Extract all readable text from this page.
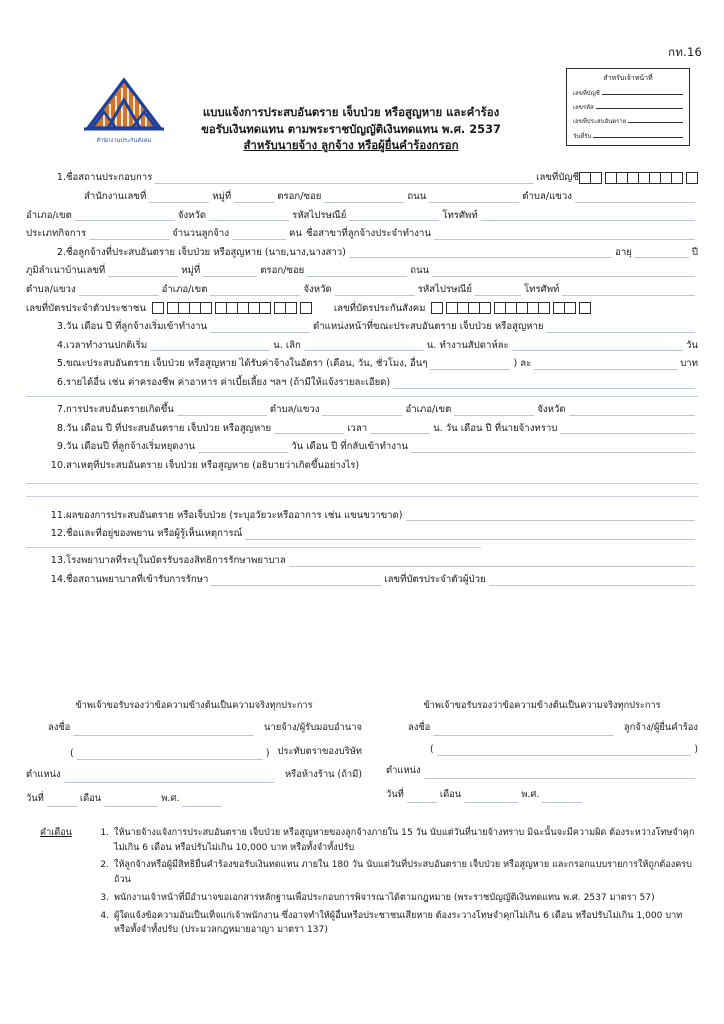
กท.16
สำนักงานประกันสังคม
แบบแจ้งการประสบอันตราย เจ็บป่วย หรือสูญหาย และคำร้อง
ขอรับเงินทดแทน ตามพระราชบัญญัติเงินทดแทน พ.ศ. 2537
สำหรับนายจ้าง ลูกจ้าง หรือผู้ยื่นคำร้องกรอก
สำหรับเจ้าหน้าที่
เลขที่บัญชี
เลขรหัส
เลขที่ประสบอันตราย
วันที่รับ
1. ชื่อสถานประกอบการ	เลขที่บัญชี
สำนักงานเลขที่	หมู่ที่	ตรอก/ซอย	ถนน	ตำบล/แขวง
อำเภอ/เขต	จังหวัด	รหัสไปรษณีย์	โทรศัพท์
ประเภทกิจการ	จำนวนลูกจ้าง	คน ชื่อสาขาที่ลูกจ้างประจำทำงาน
2. ชื่อลูกจ้างที่ประสบอันตราย เจ็บป่วย หรือสูญหาย (นาย,นาง,นางสาว)	อายุ	ปี
ภูมิลำเนาบ้านเลขที่	หมู่ที่	ตรอก/ซอย	ถนน
ตำบล/แขวง	อำเภอ/เขต	จังหวัด	รหัสไปรษณีย์	โทรศัพท์
เลขที่บัตรประจำตัวประชาชน	เลขที่บัตรประกันสังคม
3. วัน เดือน ปี ที่ลูกจ้างเริ่มเข้าทำงาน	ตำแหน่งหน้าที่ขณะประสบอันตราย เจ็บป่วย หรือสูญหาย
4. เวลาทำงานปกติเริ่ม	น. เลิก	น. ทำงานสัปดาห์ละ	วัน
5. ขณะประสบอันตราย เจ็บป่วย หรือสูญหาย ได้รับค่าจ้างในอัตรา (เดือน, วัน, ชั่วโมง, อื่นๆ	) ละ	บาท
6. รายได้อื่น เช่น ค่าครองชีพ ค่าอาหาร ค่าเบี้ยเลี้ยง ฯลฯ (ถ้ามีให้แจ้งรายละเอียด)
7. การประสบอันตรายเกิดขึ้น	ตำบล/แขวง	อำเภอ/เขต	จังหวัด
8. วัน เดือน ปี ที่ประสบอันตราย เจ็บป่วย หรือสูญหาย	เวลา	น. วัน เดือน ปี ที่นายจ้างทราบ
9. วัน เดือนปี ที่ลูกจ้างเริ่มหยุดงาน	วัน เดือน ปี ที่กลับเข้าทำงาน
10. สาเหตุที่ประสบอันตราย เจ็บป่วย หรือสูญหาย (อธิบายว่าเกิดขึ้นอย่างไร)
11. ผลของการประสบอันตราย หรือเจ็บป่วย (ระบุอวัยวะหรืออาการ เช่น แขนขวาขาด)
12. ชื่อและที่อยู่ของพยาน หรือผู้รู้เห็นเหตุการณ์
13. โรงพยาบาลที่ระบุในบัตรรับรองสิทธิการรักษาพยาบาล
14. ชื่อสถานพยาบาลที่เข้ารับการรักษา	เลขที่บัตรประจำตัวผู้ป่วย
ข้าพเจ้าขอรับรองว่าข้อความข้างต้นเป็นความจริงทุกประการ
ลงชื่อ	นายจ้าง/ผู้รับมอบอำนาจ
(	) ประทับตราของบริษัท
ตำแหน่ง	หรือห้างร้าน (ถ้ามี)
วันที่	เดือน	พ.ศ.
ข้าพเจ้าขอรับรองว่าข้อความข้างต้นเป็นความจริงทุกประการ
ลงชื่อ	ลูกจ้าง/ผู้ยื่นคำร้อง
(	)
ตำแหน่ง
วันที่	เดือน	พ.ศ.
คำเตือน	1. ให้นายจ้างแจ้งการประสบอันตราย เจ็บป่วย หรือสูญหายของลูกจ้างภายใน 15 วัน นับแต่วันที่นายจ้างทราบ มิฉะนั้นจะมีความผิด ต้องระหว่างโทษจำคุกไม่เกิน 6 เดือน หรือปรับไม่เกิน 10,000 บาท หรือทั้งจำทั้งปรับ
2. ให้ลูกจ้างหรือผู้มีสิทธิยื่นคำร้องขอรับเงินทดแทน ภายใน 180 วัน นับแต่วันที่ประสบอันตราย เจ็บป่วย หรือสูญหาย และกรอกแบบรายการให้ถูกต้องครบถ้วน
3. พนักงานเจ้าหน้าที่มีอำนาจขอเอกสารหลักฐานเพื่อประกอบการพิจารณาได้ตามกฎหมาย (พระราชบัญญัติเงินทดแทน พ.ศ. 2537 มาตรา 57)
4. ผู้ใดแจ้งข้อความอันเป็นเท็จแก่เจ้าพนักงาน ซึ่งอาจทำให้ผู้อื่นหรือประชาชนเสียหาย ต้องระวางโทษจำคุกไม่เกิน 6 เดือน หรือปรับไม่เกิน 1,000 บาท หรือทั้งจำทั้งปรับ (ประมวลกฎหมายอาญา มาตรา 137)
